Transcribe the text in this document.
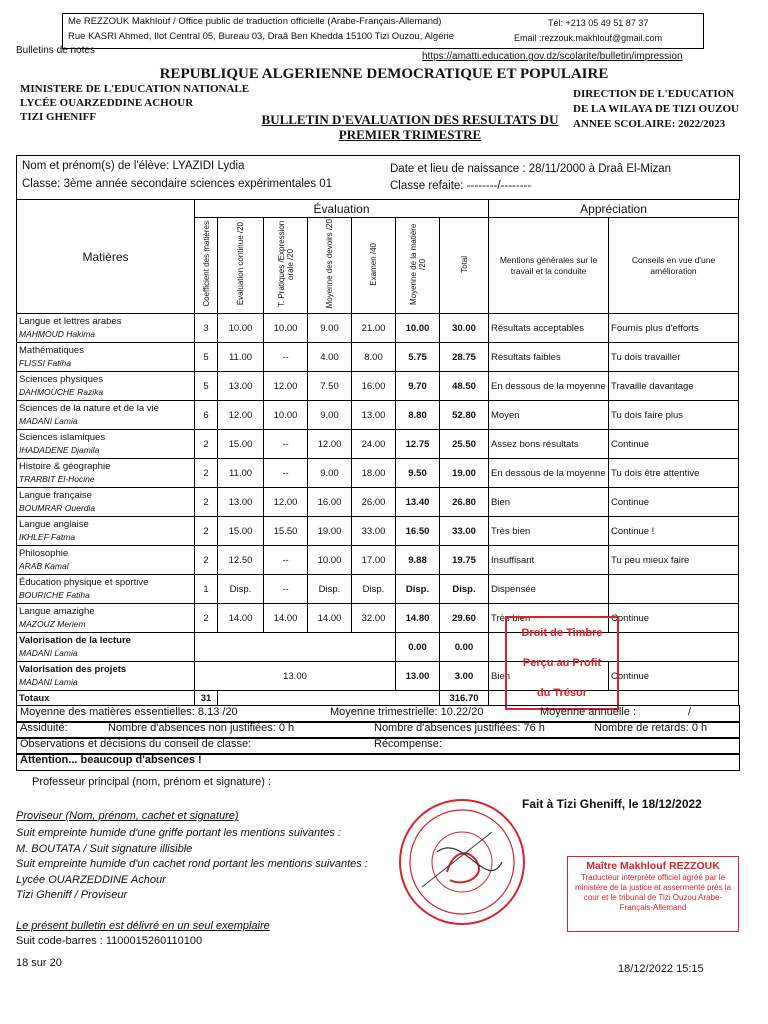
Me REZZOUK Makhlouf / Office public de traduction officielle (Arabe-Français-Allemand)	Tél: +213 05 49 51 87 37
Rue KASRI Ahmed, Ilot Central 05, Bureau 03, Draâ Ben Khedda 15100 Tizi Ouzou, Algérie	Email :rezzouk.makhlouf@gmail.com
Bulletins de notes
https://amatti.education.gov.dz/scolarite/bulletin/impression
REPUBLIQUE ALGERIENNE DEMOCRATIQUE ET POPULAIRE
MINISTERE DE L'EDUCATION NATIONALE
LYCÉE OUARZEDDINE ACHOUR
TIZI GHENIFF	BULLETIN D'EVALUATION DES RESULTATS DU PREMIER TRIMESTRE
DIRECTION DE L'EDUCATION
DE LA WILAYA DE TIZI OUZOU
ANNEE SCOLAIRE: 2022/2023
Nom et prénom(s) de l'élève: LYAZIDI Lydia
Classe: 3ème année secondaire sciences expérimentales 01
Date et lieu de naissance : 28/11/2000 à Draâ El-Mizan
Classe refaite: --------/--------
Matières	Évaluation							Appréciation	
	Coefficient des matières	Évaluation continue /20	T. Pratiques /Expression orale /20	Moyenne des devoirs /20	Examen /40	Moyenne de la matière /20	Total	Mentions générales sur le travail et la conduite	Conseils en vue d'une amélioration

Langue et lettres arabes
MAHMOUD Hakima	3	10.00	10.00	9.00	21.00	10.00	30.00	Résultats acceptables	Fournis plus d'efforts

Mathématiques
FLISSI Fatiha	5	11.00	--	4.00	8.00	5.75	28.75	Résultats faibles	Tu dois travailler

Sciences physiques
DAHMOUCHE Razika	5	13.00	12.00	7.50	16.00	9.70	48.50	En dessous de la moyenne	Travaille davantage

Sciences de la nature et de la vie
MADANI Lamia	6	12.00	10.00	9.00	13.00	8.80	52.80	Moyen	Tu dois faire plus

Sciences islamiques
IHADADENE Djamila	2	15.00	--	12.00	24.00	12.75	25.50	Assez bons résultats	Continue

Histoire & géographie
TRARBIT El-Hocine	2	11.00	--	9.00	18.00	9.50	19.00	En dessous de la moyenne	Tu dois être attentive

Langue française
BOUMRAR Ouerdia	2	13.00	12.00	16.00	26.00	13.40	26.80	Bien	Continue

Langue anglaise
IKHLEF Fatma	2	15.00	15.50	19.00	33.00	16.50	33.00	Très bien	Continue !

Philosophie
ARAB Kamal	2	12.50	--	10.00	17.00	9.88	19.75	Insuffisant	Tu peu mieux faire

Éducation physique et sportive
BOURICHE Fatiha	1	Disp.	--	Disp.	Disp.	Disp.	Disp.	Dispensée	

Langue amazighe
MAZOUZ Meriem	2	14.00	14.00	14.00	32.00	14.80	29.60	Très bien	Continue

Valorisation de la lecture
MADANI Lamia						0.00	0.00		

Valorisation des projets
MADANI Lamia	13.00					13.00	3.00	Bien	Continue
Totaux	31						316.70		
Droit de Timbre
Perçu au Profit
du Trésor
Moyenne des matières essentielles: 8.13 /20	Moyenne trimestrielle: 10.22/20	Moyenne annuelle :	/
Assiduité:	Nombre d'absences non justifiées: 0 h	Nombre d'absences justifiées: 76 h	Nombre de retards: 0 h
Observations et décisions du conseil de classe:	Récompense:
Attention... beaucoup d'absences !
Professeur principal (nom, prénom et signature) :
Fait à Tizi Gheniff, le 18/12/2022
Proviseur (Nom, prénom, cachet et signature)
Suit empreinte humide d'une griffe portant les mentions suivantes :
M. BOUTATA / Suit signature illisible
Suit empreinte humide d'un cachet rond portant les mentions suivantes :
Lycée OUARZEDDINE Achour
Tizi Gheniff / Proviseur
Le présent bulletin est délivré en un seul exemplaire
Suit code-barres : 1100015260110100
18 sur 20	18/12/2022 15:15
Maître Makhlouf REZZOUK
Traducteur interprète officiel agréé par le ministère de la justice et assermenté près la cour et le tribunal de Tizi Ouzou Arabe-Français-Allemand
